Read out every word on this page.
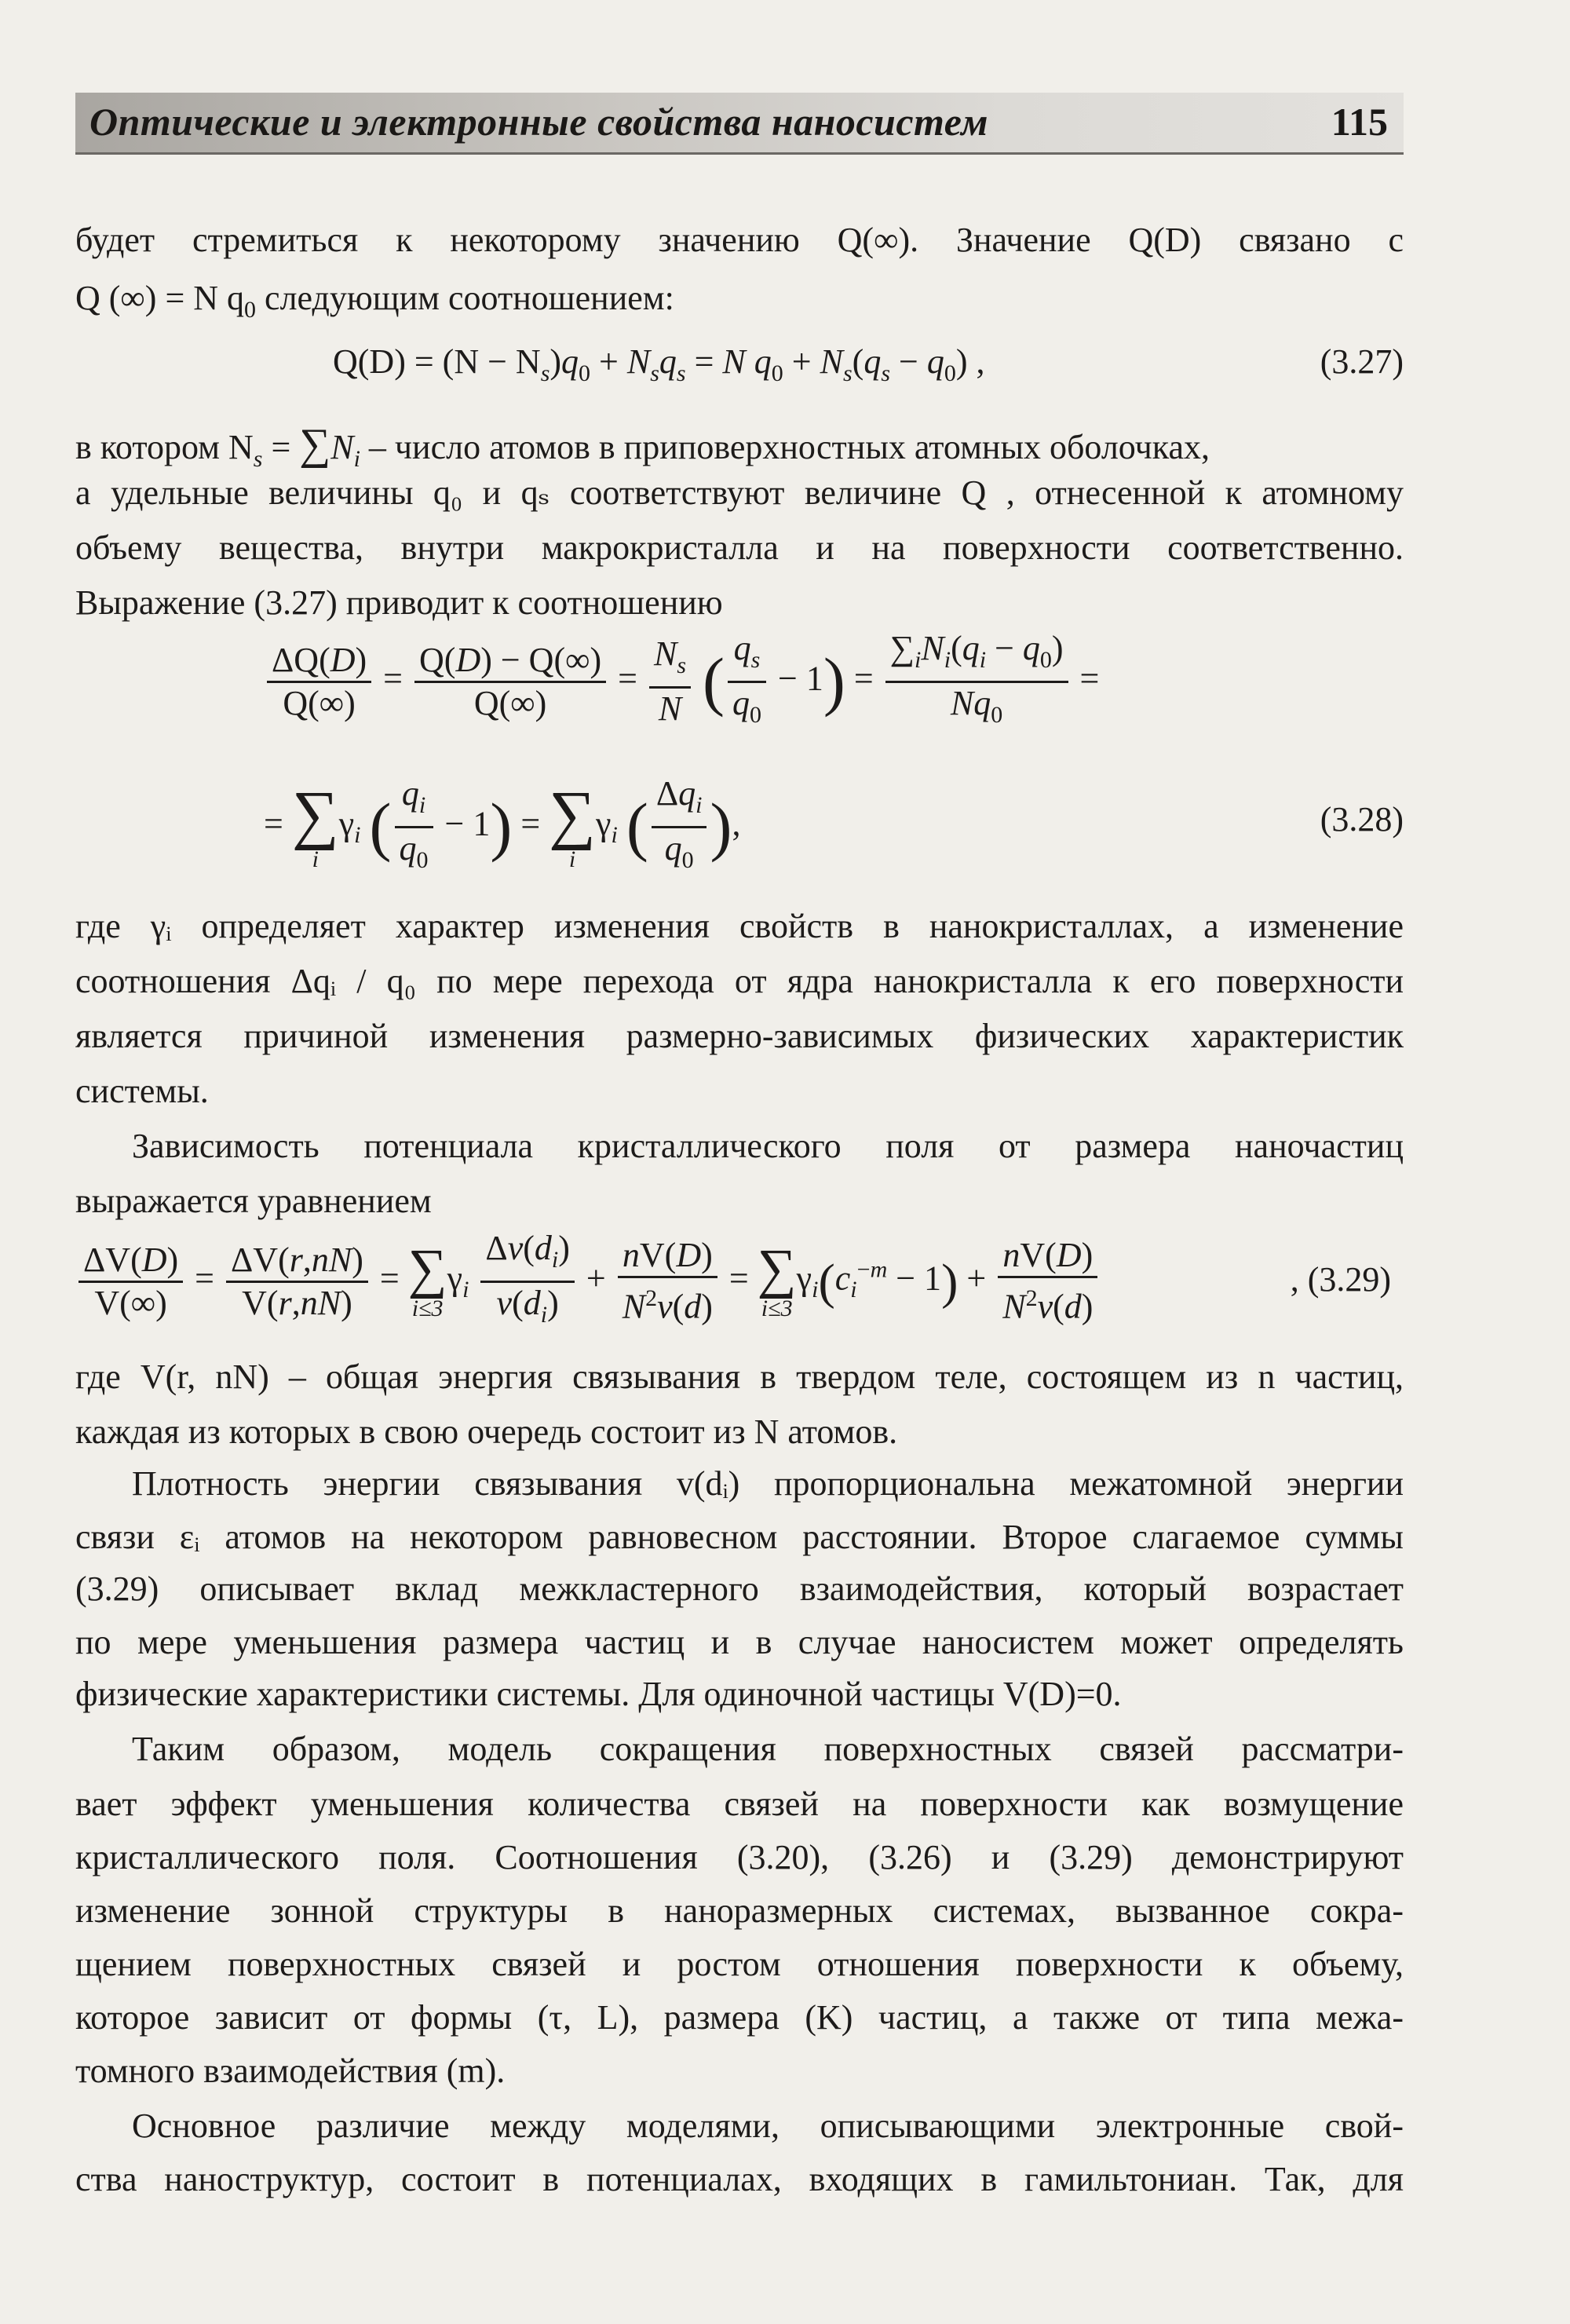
Оптические и электронные свойства наносистем	115
будет стремиться к некоторому значению Q(∞). Значение Q(D) связано с
Q (∞) = N $q_0$ следующим соотношением:
$Q(D) = (N - N_s)q_0 + N_sq_s = N$ $q_0 + N_s(q_s - q_0)$ ,	(3.27)
в котором $N_s = \sum N_i$ – число атомов в приповерхностных атомных оболочках,
а удельные величины q₀ и qₛ соответствуют величине Q , отнесенной к атомному
объему вещества, внутри макрокристалла и на поверхности соответственно.
Выражение (3.27) приводит к соотношению
$\frac{\Delta Q(D)}{Q(\infty)} = \frac{Q(D) - Q(\infty)}{Q(\infty)} = \frac{N_s}{N}$ ( $\frac{q_s}{q_0} - 1) = \frac{\sum_iN_i(q_i - q_0)}{Nq_0}$ =
= ∑
i
$\gamma_i$ ( $\frac{q_i}{q_0} - 1$) = ∑
i
$\gamma_i$ ( $\frac{\Delta q_i}{q_0}$ ),	(3.28)
где γᵢ определяет характер изменения свойств в нанокристаллах, а изменение
соотношения Δqᵢ / q₀ по мере перехода от ядра нанокристалла к его поверхности
является причиной изменения размерно-зависимых физических характеристик
системы.
Зависимость потенциала кристаллического поля от размера наночастиц
выражается уравнением
$\frac{\Delta V(D)}{V(\infty)} = \frac{\Delta V(r,nN)}{V(r,nN)}$ = ∑
i≤3
$\gamma_i \frac{\Delta v(d_i)}{v(d_i)} + \frac{nV(D)}{N^2v(d)}$ = ∑
i≤3
$\gamma_i(c_i^{-m} - 1) + \frac{nV(D)}{N^2v(d)}$	, (3.29)
где V(r, nN) – общая энергия связывания в твердом теле, состоящем из n частиц,
каждая из которых в свою очередь состоит из N атомов.
Плотность энергии связывания v(dᵢ) пропорциональна межатомной энергии
связи εᵢ атомов на некотором равновесном расстоянии. Второе слагаемое суммы
(3.29) описывает вклад межкластерного взаимодействия, который возрастает
по мере уменьшения размера частиц и в случае наносистем может определять
физические характеристики системы. Для одиночной частицы V(D)=0.
Таким образом, модель сокращения поверхностных связей рассматри-
вает эффект уменьшения количества связей на поверхности как возмущение
кристаллического поля. Соотношения (3.20), (3.26) и (3.29) демонстрируют
изменение зонной структуры в наноразмерных системах, вызванное сокра-
щением поверхностных связей и ростом отношения поверхности к объему,
которое зависит от формы (τ, L), размера (K) частиц, а также от типа межа-
томного взаимодействия (m).
Основное различие между моделями, описывающими электронные свой-
ства наноструктур, состоит в потенциалах, входящих в гамильтониан. Так, для
